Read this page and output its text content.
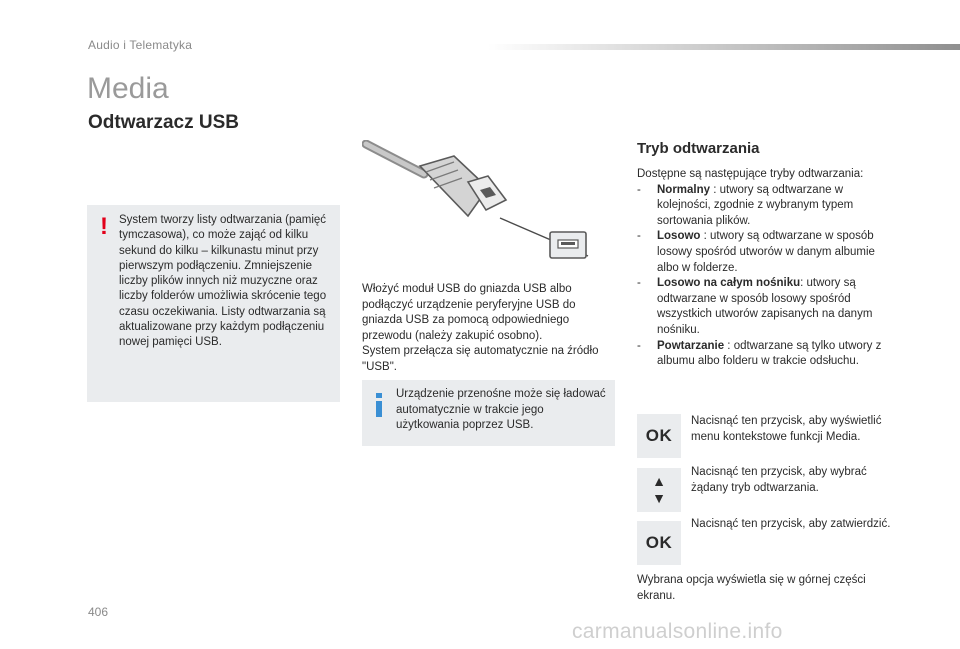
Audio i Telematyka
Media
Odtwarzacz USB
! System tworzy listy odtwarzania (pamięć tymczasowa), co może zająć od kilku sekund do kilku – kilkunastu minut przy pierwszym podłączeniu. Zmniejszenie liczby plików innych niż muzyczne oraz liczby folderów umożliwia skrócenie tego czasu oczekiwania. Listy odtwarzania są aktualizowane przy każdym podłączeniu nowej pamięci USB.

Włożyć moduł USB do gniazda USB albo podłączyć urządzenie peryferyjne USB do gniazda USB za pomocą odpowiedniego przewodu (należy zakupić osobno).

System przełącza się automatycznie na źródło "USB".

Urządzenie przenośne może się ładować automatycznie w trakcie jego użytkowania poprzez USB.
Tryb odtwarzania
Dostępne są następujące tryby odtwarzania:
- Normalny : utwory są odtwarzane w kolejności, zgodnie z wybranym typem sortowania plików.
- Losowo : utwory są odtwarzane w sposób losowy spośród utworów w danym albumie albo w folderze.
- Losowo na całym nośniku: utwory są odtwarzane w sposób losowy spośród wszystkich utworów zapisanych na danym nośniku.
- Powtarzanie : odtwarzane są tylko utwory z albumu albo folderu w trakcie odsłuchu.
OK
Nacisnąć ten przycisk, aby wyświetlić menu kontekstowe funkcji Media.
▲
▼
Nacisnąć ten przycisk, aby wybrać żądany tryb odtwarzania.
OK
Nacisnąć ten przycisk, aby zatwierdzić.
Wybrana opcja wyświetla się w górnej części ekranu.
406
carmanualsonline.info
